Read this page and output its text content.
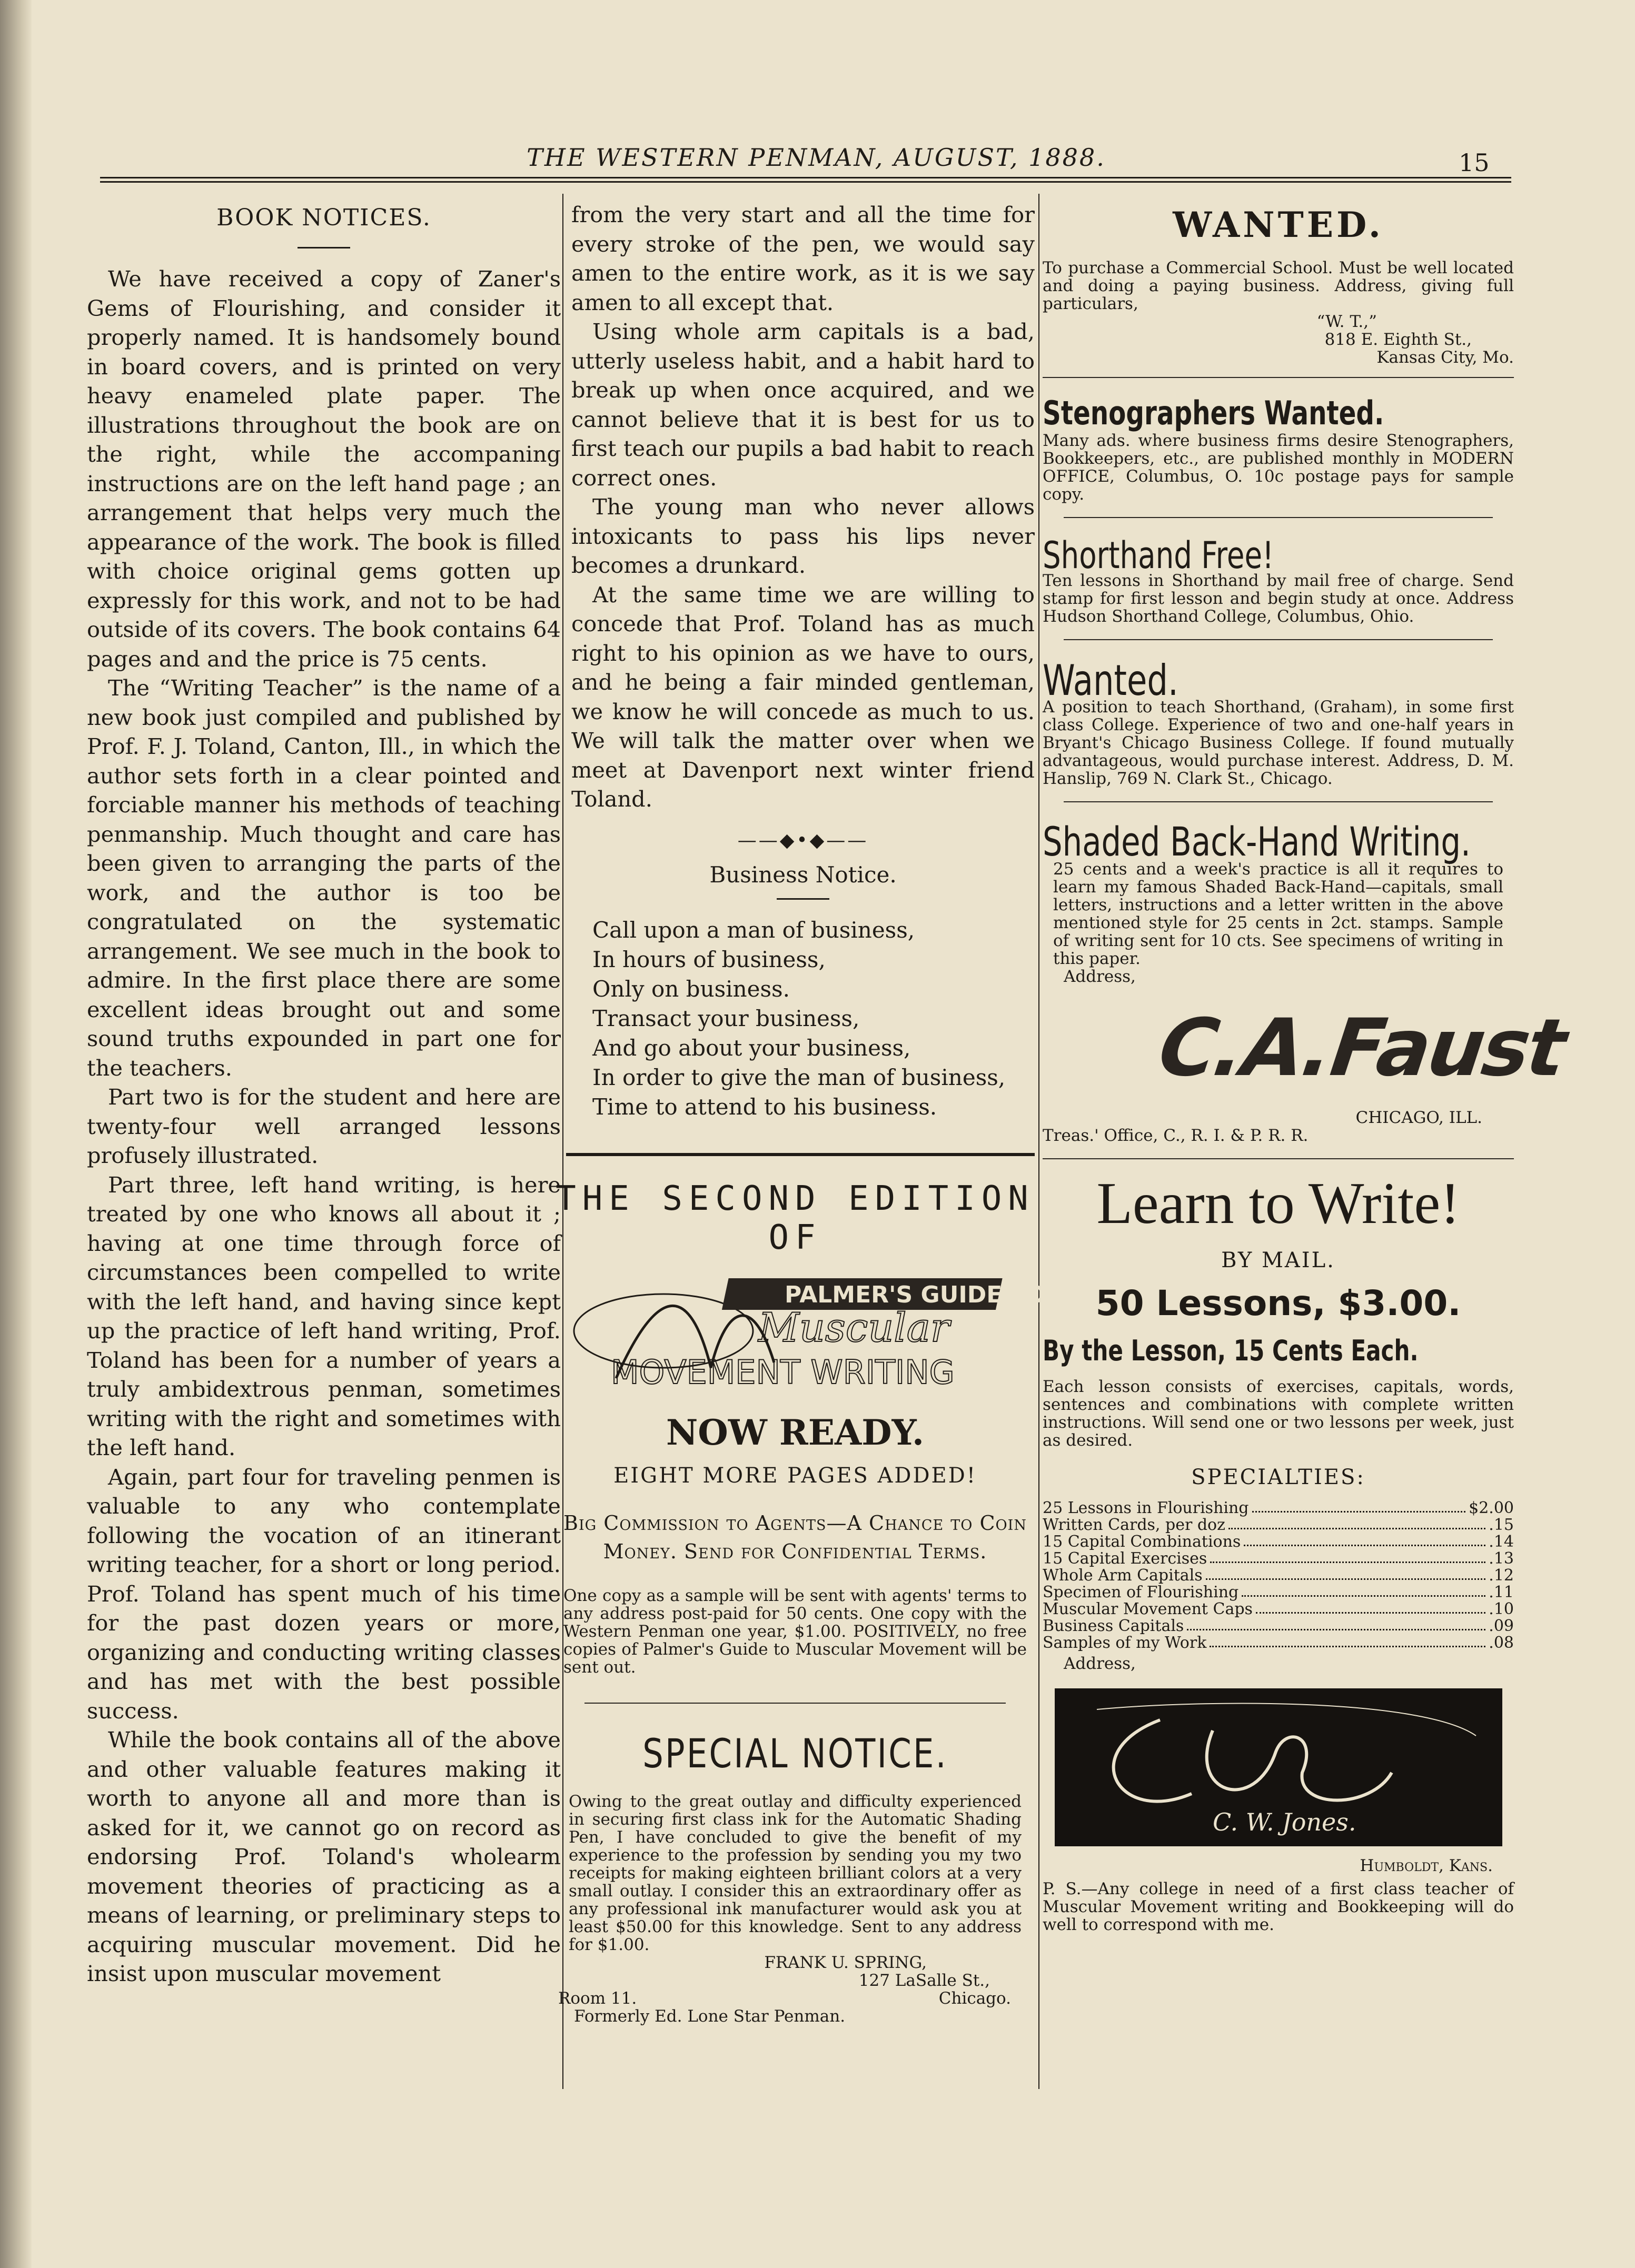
THE WESTERN PENMAN, AUGUST, 1888.	15
BOOK NOTICES.

We have received a copy of Zaner's Gems of Flourishing, and consider it properly named. It is handsomely bound in board covers, and is printed on very heavy enameled plate paper. The illustrations throughout the book are on the right, while the accompaning instructions are on the left hand page ; an arrangement that helps very much the appearance of the work. The book is filled with choice original gems gotten up expressly for this work, and not to be had outside of its covers. The book contains 64 pages and and the price is 75 cents.

The “Writing Teacher” is the name of a new book just compiled and published by Prof. F. J. Toland, Canton, Ill., in which the author sets forth in a clear pointed and forciable manner his methods of teaching penmanship. Much thought and care has been given to arranging the parts of the work, and the author is too be congratulated on the systematic arrangement. We see much in the book to admire. In the first place there are some excellent ideas brought out and some sound truths expounded in part one for the teachers.

Part two is for the student and here are twenty-four well arranged lessons profusely illustrated.

Part three, left hand writing, is here treated by one who knows all about it ; having at one time through force of circumstances been compelled to write with the left hand, and having since kept up the practice of left hand writing, Prof. Toland has been for a number of years a truly ambidextrous penman, sometimes writing with the right and sometimes with the left hand.

Again, part four for traveling penmen is valuable to any who contemplate following the vocation of an itinerant writing teacher, for a short or long period. Prof. Toland has spent much of his time for the past dozen years or more, organizing and conducting writing classes and has met with the best possible success.

While the book contains all of the above and other valuable features making it worth to anyone all and more than is asked for it, we cannot go on record as endorsing Prof. Toland's wholearm movement theories of practicing as a means of learning, or preliminary steps to acquiring muscular movement. Did he insist upon muscular movement

from the very start and all the time for every stroke of the pen, we would say amen to the entire work, as it is we say amen to all except that.

Using whole arm capitals is a bad, utterly useless habit, and a habit hard to break up when once acquired, and we cannot believe that it is best for us to first teach our pupils a bad habit to reach correct ones.

The young man who never allows intoxicants to pass his lips never becomes a drunkard.

At the same time we are willing to concede that Prof. Toland has as much right to his opinion as we have to ours, and he being a fair minded gentleman, we know he will concede as much to us. We will talk the matter over when we meet at Davenport next winter friend Toland.

——◆•◆——
Business Notice.
Call upon a man of business,
In hours of business,
Only on business.
Transact your business,
And go about your business,
In order to give the man of business,
Time to attend to his business.
THE SECOND EDITION OF
PALMER'S GUIDE TO
Muscular
MOVEMENT WRITING
NOW READY.
EIGHT MORE PAGES ADDED!
Big Commission to Agents—A Chance to Coin Money. Send for Confidential Terms.

One copy as a sample will be sent with agents' terms to any address post-paid for 50 cents. One copy with the Western Penman one year, $1.00. POSITIVELY, no free copies of Palmer's Guide to Muscular Movement will be sent out.

SPECIAL NOTICE.

Owing to the great outlay and difficulty experienced in securing first class ink for the Automatic Shading Pen, I have concluded to give the benefit of my experience to the profession by sending you my two receipts for making eighteen brilliant colors at a very small outlay. I consider this an extraordinary offer as any professional ink manufacturer would ask you at least $50.00 for this knowledge. Sent to any address for $1.00.

FRANK U. SPRING,
127 LaSalle St.,
Room 11.	Chicago.
Formerly Ed. Lone Star Penman.
WANTED.

To purchase a Commercial School. Must be well located and doing a paying business. Address, giving full particulars,

“W. T.,”
818 E. Eighth St.,
Kansas City, Mo.
Stenographers Wanted.

Many ads. where business firms desire Stenographers, Bookkeepers, etc., are published monthly in MODERN OFFICE, Columbus, O. 10c postage pays for sample copy.

Shorthand Free!

Ten lessons in Shorthand by mail free of charge. Send stamp for first lesson and begin study at once. Address Hudson Shorthand College, Columbus, Ohio.

Wanted.

A position to teach Shorthand, (Graham), in some first class College. Experience of two and one-half years in Bryant's Chicago Business College. If found mutually advantageous, would purchase interest. Address, D. M. Hanslip, 769 N. Clark St., Chicago.

Shaded Back-Hand Writing.

25 cents and a week's practice is all it requires to learn my famous Shaded Back-Hand—capitals, small letters, instructions and a letter written in the above mentioned style for 25 cents in 2ct. stamps. Sample of writing sent for 10 cts. See specimens of writing in this paper.

Address,
C.A.Faust
CHICAGO, ILL.
Treas.' Office, C., R. I. & P. R. R.
Learn to Write!
BY MAIL.
50 Lessons, $3.00.
By the Lesson, 15 Cents Each.

Each lesson consists of exercises, capitals, words, sentences and combinations with complete written instructions. Will send one or two lessons per week, just as desired.

SPECIALTIES:
25 Lessons in Flourishing	$2.00
Written Cards, per doz	.15
15 Capital Combinations	.14
15 Capital Exercises	.13
Whole Arm Capitals	.12
Specimen of Flourishing	.11
Muscular Movement Caps	.10
Business Capitals	.09
Samples of my Work	.08
Address,
C. W. Jones.
Humboldt, Kans.

P. S.—Any college in need of a first class teacher of Muscular Movement writing and Bookkeeping will do well to correspond with me.
